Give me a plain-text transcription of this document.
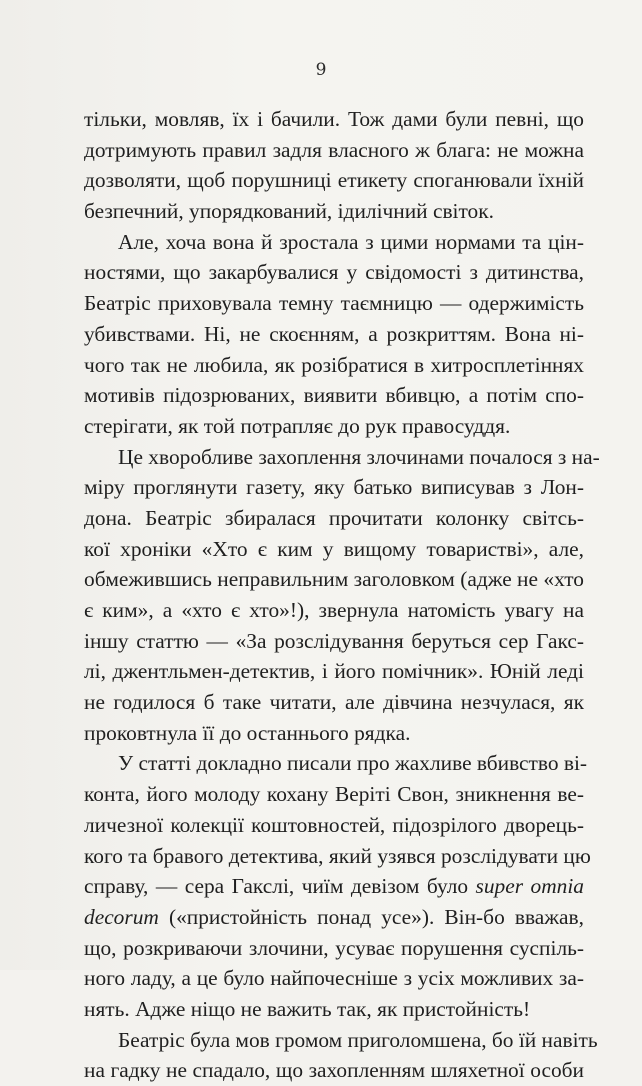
9
тільки, мовляв, їх і бачили. Тож дами були певні, що
дотримують правил задля власного ж блага: не можна
дозволяти, щоб порушниці етикету споганювали їхній
безпечний, упорядкований, ідилічний світок.
Але, хоча вона й зростала з цими нормами та цін-
ностями, що закарбувалися у свідомості з дитинства,
Беатріс приховувала темну таємницю — одержимість
убивствами. Ні, не скоєнням, а розкриттям. Вона ні-
чого так не любила, як розібратися в хитросплетіннях
мотивів підозрюваних, виявити вбивцю, а потім спо-
стерігати, як той потрапляє до рук правосуддя.
Це хворобливе захоплення злочинами почалося з на-
міру проглянути газету, яку батько виписував з Лон-
дона. Беатріс збиралася прочитати колонку світсь-
кої хроніки «Хто є ким у вищому товаристві», але,
обмежившись неправильним заголовком (адже не «хто
є ким», а «хто є хто»!), звернула натомість увагу на
іншу статтю — «За розслідування беруться сер Гакс-
лі, джентльмен-детектив, і його помічник». Юній леді
не годилося б таке читати, але дівчина незчулася, як
проковтнула її до останнього рядка.
У статті докладно писали про жахливе вбивство ві-
конта, його молоду кохану Веріті Свон, зникнення ве-
личезної колекції коштовностей, підозрілого дворець-
кого та бравого детектива, який узявся розслідувати цю
справу, — сера Гакслі, чиїм девізом було super omnia
decorum («пристойність понад усе»). Він-бо вважав,
що, розкриваючи злочини, усуває порушення суспіль-
ного ладу, а це було найпочесніше з усіх можливих за-
нять. Адже ніщо не важить так, як пристойність!
Беатріс була мов громом приголомшена, бо їй навіть
на гадку не спадало, що захопленням шляхетної особи
